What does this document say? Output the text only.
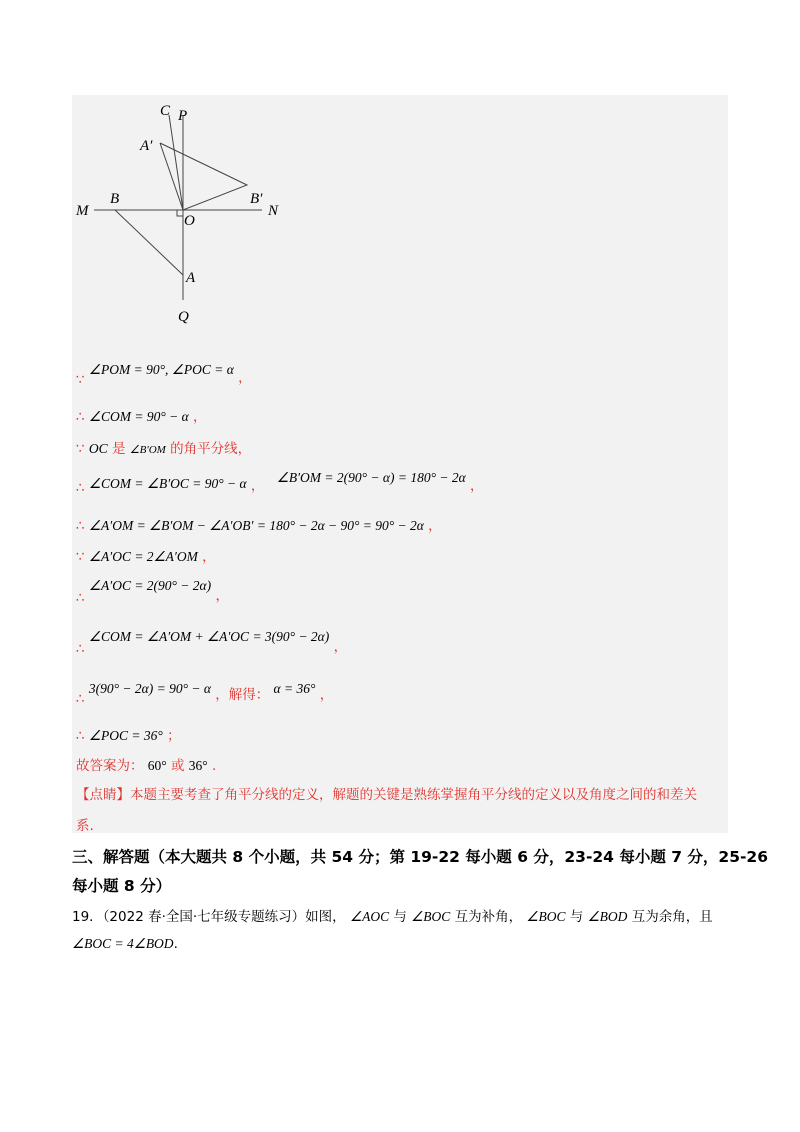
C P
A′
B′
M
B
O
N
A
Q
∵ ∠POM = 90°, ∠POC = α ，
∴ ∠COM = 90° − α ，
∵ OC 是 ∠B′OM 的角平分线，
∴ ∠COM = ∠B′OC = 90° − α ， ∠B′OM = 2(90° − α) = 180° − 2α ，
∴ ∠A′OM = ∠B′OM − ∠A′OB′ = 180° − 2α − 90° = 90° − 2α ，
∵ ∠A′OC = 2∠A′OM ，
∴ ∠A′OC = 2(90° − 2α) ，
∴ ∠COM = ∠A′OM + ∠A′OC = 3(90° − 2α) ，
∴ 3(90° − 2α) = 90° − α ，解得： α = 36° ，
∴ ∠POC = 36° ；
故答案为： 60° 或 36° .
【点睛】本题主要考查了角平分线的定义，解题的关键是熟练掌握角平分线的定义以及角度之间的和差关
系.
三、解答题（本大题共 8 个小题，共 54 分；第 19-22 每小题 6 分，23-24 每小题 7 分，25-26
每小题 8 分）
19．（2022 春·全国·七年级专题练习）如图， ∠AOC 与 ∠BOC 互为补角， ∠BOC 与 ∠BOD 互为余角，且
∠BOC = 4∠BOD.
